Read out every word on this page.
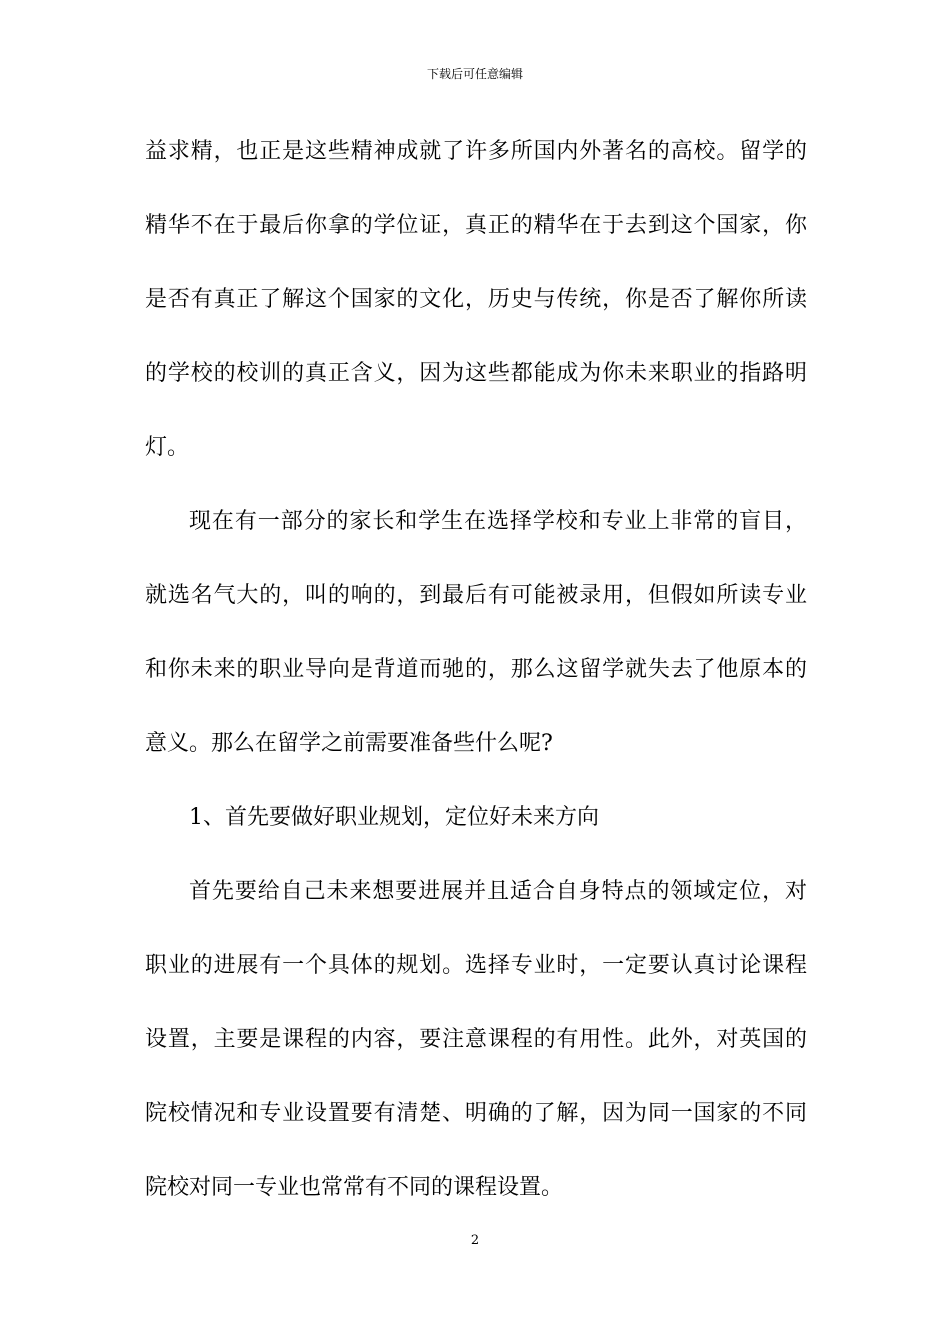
下载后可任意编辑
益求精，也正是这些精神成就了许多所国内外著名的高校。留学的
精华不在于最后你拿的学位证，真正的精华在于去到这个国家，你
是否有真正了解这个国家的文化，历史与传统，你是否了解你所读
的学校的校训的真正含义，因为这些都能成为你未来职业的指路明
灯。
现在有一部分的家长和学生在选择学校和专业上非常的盲目，
就选名气大的，叫的响的，到最后有可能被录用，但假如所读专业
和你未来的职业导向是背道而驰的，那么这留学就失去了他原本的
意义。那么在留学之前需要准备些什么呢?
1、首先要做好职业规划，定位好未来方向
首先要给自己未来想要进展并且适合自身特点的领域定位，对
职业的进展有一个具体的规划。选择专业时，一定要认真讨论课程
设置，主要是课程的内容，要注意课程的有用性。此外，对英国的
院校情况和专业设置要有清楚、明确的了解，因为同一国家的不同
院校对同一专业也常常有不同的课程设置。
2
